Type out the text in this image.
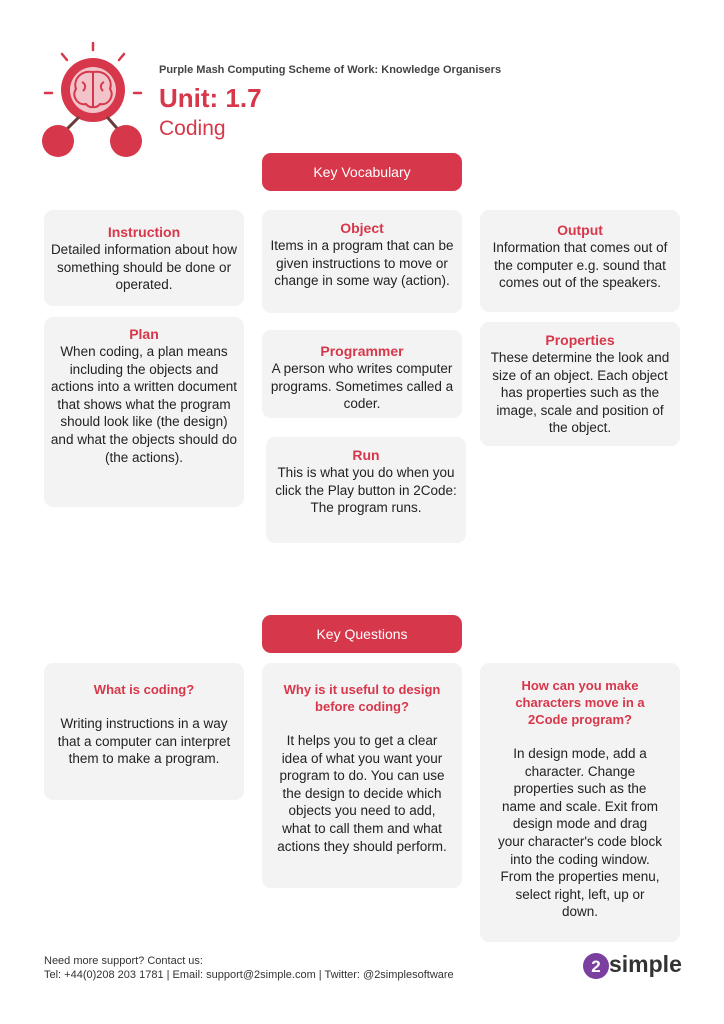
Purple Mash Computing Scheme of Work: Knowledge Organisers
Unit: 1.7
Coding
Key Vocabulary
Instruction
Detailed information about how something should be done or operated.
Object
Items in a program that can be given instructions to move or change in some way (action).
Output
Information that comes out of the computer e.g. sound that comes out of the speakers.
Plan
When coding, a plan means including the objects and actions into a written document that shows what the program should look like (the design) and what the objects should do (the actions).
Programmer
A person who writes computer programs. Sometimes called a coder.
Properties
These determine the look and size of an object. Each object has properties such as the image, scale and position of the object.
Run
This is what you do when you click the Play button in 2Code: The program runs.
Key Questions
What is coding?
Writing instructions in a way that a computer can interpret them to make a program.
Why is it useful to design before coding?
It helps you to get a clear idea of what you want your program to do. You can use the design to decide which objects you need to add, what to call them and what actions they should perform.
How can you make characters move in a 2Code program?
In design mode, add a character. Change properties such as the name and scale. Exit from design mode and drag your character's code block into the coding window. From the properties menu, select right, left, up or down.
Need more support? Contact us:
Tel: +44(0)208 203 1781 | Email: support@2simple.com | Twitter: @2simplesoftware	2 simple
